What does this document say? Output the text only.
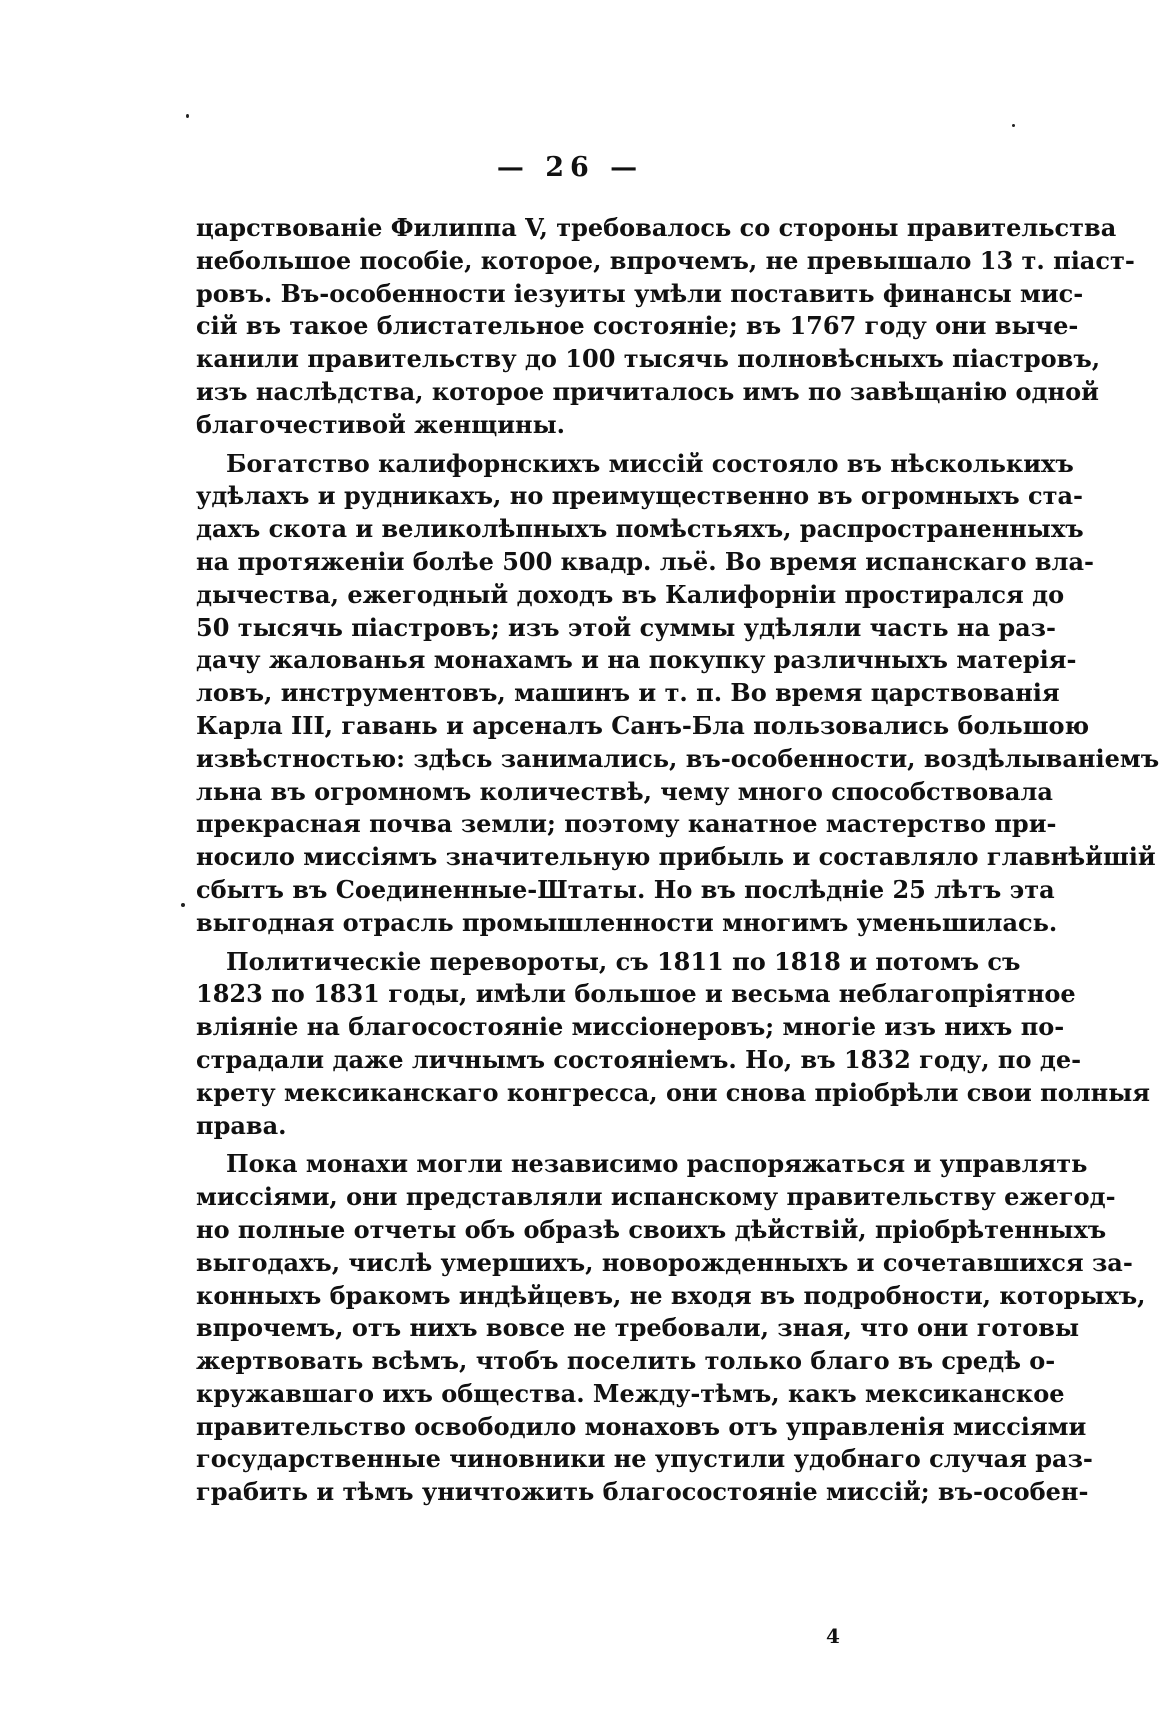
— 26 —
царствованіе Филиппа V, требовалось со стороны правительства
небольшое пособіе, которое, впрочемъ, не превышало 13 т. піаст-
ровъ. Въ-особенности іезуиты умѣли поставить финансы мис-
сій въ такое блистательное состояніе; въ 1767 году они выче-
канили правительству до 100 тысячь полновѣсныхъ піастровъ,
изъ наслѣдства, которое причиталось имъ по завѣщанію одной
благочестивой женщины.
Богатство калифорнскихъ миссій состояло въ нѣсколькихъ
удѣлахъ и рудникахъ, но преимущественно въ огромныхъ ста-
дахъ скота и великолѣпныхъ помѣстьяхъ, распространенныхъ
на протяженіи болѣе 500 квадр. льё. Во время испанскаго вла-
дычества, ежегодный доходъ въ Калифорніи простирался до
50 тысячь піастровъ; изъ этой суммы удѣляли часть на раз-
дачу жалованья монахамъ и на покупку различныхъ матерія-
ловъ, инструментовъ, машинъ и т. п. Во время царствованія
Карла III, гавань и арсеналъ Санъ-Бла пользовались большою
извѣстностью: здѣсь занимались, въ-особенности, воздѣлываніемъ
льна въ огромномъ количествѣ, чему много способствовала
прекрасная почва земли; поэтому канатное мастерство при-
носило миссіямъ значительную прибыль и составляло главнѣйшій
сбытъ въ Соединенные-Штаты. Но въ послѣдніе 25 лѣтъ эта
выгодная отрасль промышленности многимъ уменьшилась.
Политическіе перевороты, съ 1811 по 1818 и потомъ съ
1823 по 1831 годы, имѣли большое и весьма неблагопріятное
вліяніе на благосостояніе миссіонеровъ; многіе изъ нихъ по-
страдали даже личнымъ состояніемъ. Но, въ 1832 году, по де-
крету мексиканскаго конгресса, они снова пріобрѣли свои полныя
права.
Пока монахи могли независимо распоряжаться и управлять
миссіями, они представляли испанскому правительству ежегод-
но полные отчеты объ образѣ своихъ дѣйствій, пріобрѣтенныхъ
выгодахъ, числѣ умершихъ, новорожденныхъ и сочетавшихся за-
конныхъ бракомъ индѣйцевъ, не входя въ подробности, которыхъ,
впрочемъ, отъ нихъ вовсе не требовали, зная, что они готовы
жертвовать всѣмъ, чтобъ поселить только благо въ средѣ о-
кружавшаго ихъ общества. Между-тѣмъ, какъ мексиканское
правительство освободило монаховъ отъ управленія миссіями
государственные чиновники не упустили удобнаго случая раз-
грабить и тѣмъ уничтожить благосостояніе миссій; въ-особен-
4
